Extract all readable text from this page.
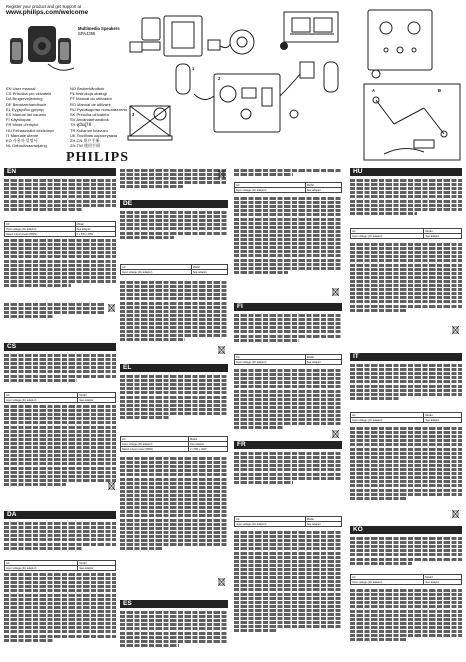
Register your product and get support at
www.philips.com/welcome
Multimedia Speakers
SPA4355
EN User manual
CS Příručka pro uživatele
DA Brugervejledning
DE Benutzerhandbuch
EL Εγχειρίδιο χρήσης
ES Manual del usuario
FI Käyttöopas
FR Mode d'emploi
HU Felhasználói kézikönyv
IT Manuale utente
KO 사용자 설명서
NL Gebruiksaanwijzing
NO Brukerhåndbok
PL Instrukcja obsługi
PT Manual do utilizador
RO Manual de utilizare
RU Руководство пользователя
SK Príručka užívateľa
SV Användarhandbok
TH คู่มือผู้ใช้
TR Kullanım kılavuzu
UK Посібник користувача
ZH-CN 用户手册
ZH-TW 使用手冊
PHILIPS
1
2
3
A	B
EN
AC	Model
Input voltage (AC adaptor)	See adaptor
Rated output power (RMS)	2 x 5W + 20W
CS
AC	Model
Input voltage (AC adaptor)	See adaptor
DA
AC	Model
Input voltage (AC adaptor)	See adaptor
DE
AC	Model
Input voltage (AC adaptor)	See adaptor
EL
AC	Model
Input voltage (AC adaptor)	See adaptor
Rated output power (RMS)	2 x 5W + 20W
ES
AC	Model
Input voltage (AC adaptor)	See adaptor
FI
AC	Model
Input voltage (AC adaptor)	See adaptor
FR
AC	Model
Input voltage (AC adaptor)	See adaptor
HU
AC	Model
Input voltage (AC adaptor)	See adaptor
IT
AC	Model
Input voltage (AC adaptor)	See adaptor
KO
AC	Model
Input voltage (AC adaptor)	See adaptor
